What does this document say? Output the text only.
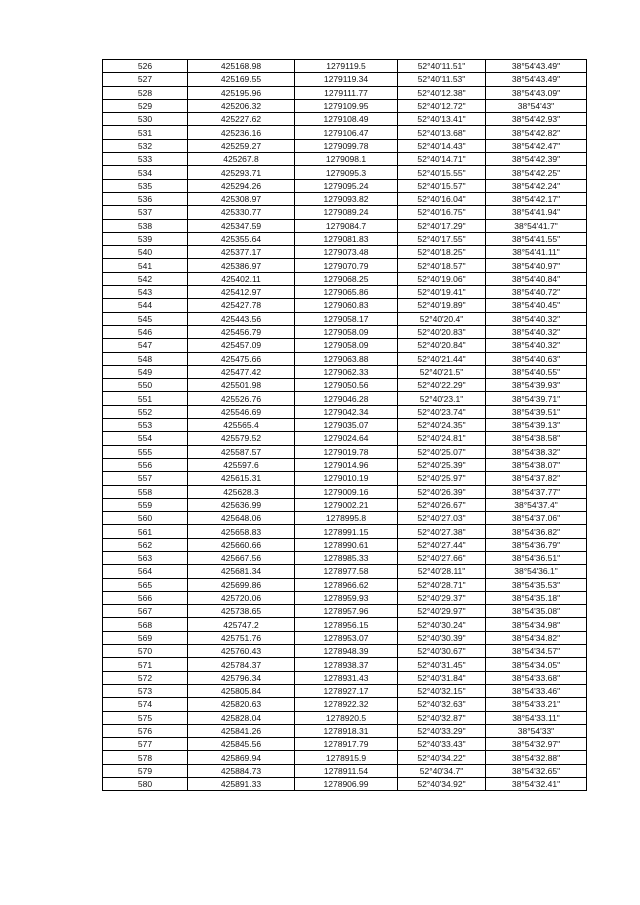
526	425168.98	1279119.5	52°40'11.51"	38°54'43.49"
527	425169.55	1279119.34	52°40'11.53"	38°54'43.49"
528	425195.96	1279111.77	52°40'12.38"	38°54'43.09"
529	425206.32	1279109.95	52°40'12.72"	38°54'43"
530	425227.62	1279108.49	52°40'13.41"	38°54'42.93"
531	425236.16	1279106.47	52°40'13.68"	38°54'42.82"
532	425259.27	1279099.78	52°40'14.43"	38°54'42.47"
533	425267.8	1279098.1	52°40'14.71"	38°54'42.39"
534	425293.71	1279095.3	52°40'15.55"	38°54'42.25"
535	425294.26	1279095.24	52°40'15.57"	38°54'42.24"
536	425308.97	1279093.82	52°40'16.04"	38°54'42.17"
537	425330.77	1279089.24	52°40'16.75"	38°54'41.94"
538	425347.59	1279084.7	52°40'17.29"	38°54'41.7"
539	425355.64	1279081.83	52°40'17.55"	38°54'41.55"
540	425377.17	1279073.48	52°40'18.25"	38°54'41.11"
541	425386.97	1279070.79	52°40'18.57"	38°54'40.97"
542	425402.11	1279068.25	52°40'19.06"	38°54'40.84"
543	425412.97	1279065.86	52°40'19.41"	38°54'40.72"
544	425427.78	1279060.83	52°40'19.89"	38°54'40.45"
545	425443.56	1279058.17	52°40'20.4"	38°54'40.32"
546	425456.79	1279058.09	52°40'20.83"	38°54'40.32"
547	425457.09	1279058.09	52°40'20.84"	38°54'40.32"
548	425475.66	1279063.88	52°40'21.44"	38°54'40.63"
549	425477.42	1279062.33	52°40'21.5"	38°54'40.55"
550	425501.98	1279050.56	52°40'22.29"	38°54'39.93"
551	425526.76	1279046.28	52°40'23.1"	38°54'39.71"
552	425546.69	1279042.34	52°40'23.74"	38°54'39.51"
553	425565.4	1279035.07	52°40'24.35"	38°54'39.13"
554	425579.52	1279024.64	52°40'24.81"	38°54'38.58"
555	425587.57	1279019.78	52°40'25.07"	38°54'38.32"
556	425597.6	1279014.96	52°40'25.39"	38°54'38.07"
557	425615.31	1279010.19	52°40'25.97"	38°54'37.82"
558	425628.3	1279009.16	52°40'26.39"	38°54'37.77"
559	425636.99	1279002.21	52°40'26.67"	38°54'37.4"
560	425648.06	1278995.8	52°40'27.03"	38°54'37.06"
561	425658.83	1278991.15	52°40'27.38"	38°54'36.82"
562	425660.66	1278990.61	52°40'27.44"	38°54'36.79"
563	425667.56	1278985.33	52°40'27.66"	38°54'36.51"
564	425681.34	1278977.58	52°40'28.11"	38°54'36.1"
565	425699.86	1278966.62	52°40'28.71"	38°54'35.53"
566	425720.06	1278959.93	52°40'29.37"	38°54'35.18"
567	425738.65	1278957.96	52°40'29.97"	38°54'35.08"
568	425747.2	1278956.15	52°40'30.24"	38°54'34.98"
569	425751.76	1278953.07	52°40'30.39"	38°54'34.82"
570	425760.43	1278948.39	52°40'30.67"	38°54'34.57"
571	425784.37	1278938.37	52°40'31.45"	38°54'34.05"
572	425796.34	1278931.43	52°40'31.84"	38°54'33.68"
573	425805.84	1278927.17	52°40'32.15"	38°54'33.46"
574	425820.63	1278922.32	52°40'32.63"	38°54'33.21"
575	425828.04	1278920.5	52°40'32.87"	38°54'33.11"
576	425841.26	1278918.31	52°40'33.29"	38°54'33"
577	425845.56	1278917.79	52°40'33.43"	38°54'32.97"
578	425869.94	1278915.9	52°40'34.22"	38°54'32.88"
579	425884.73	1278911.54	52°40'34.7"	38°54'32.65"
580	425891.33	1278906.99	52°40'34.92"	38°54'32.41"
